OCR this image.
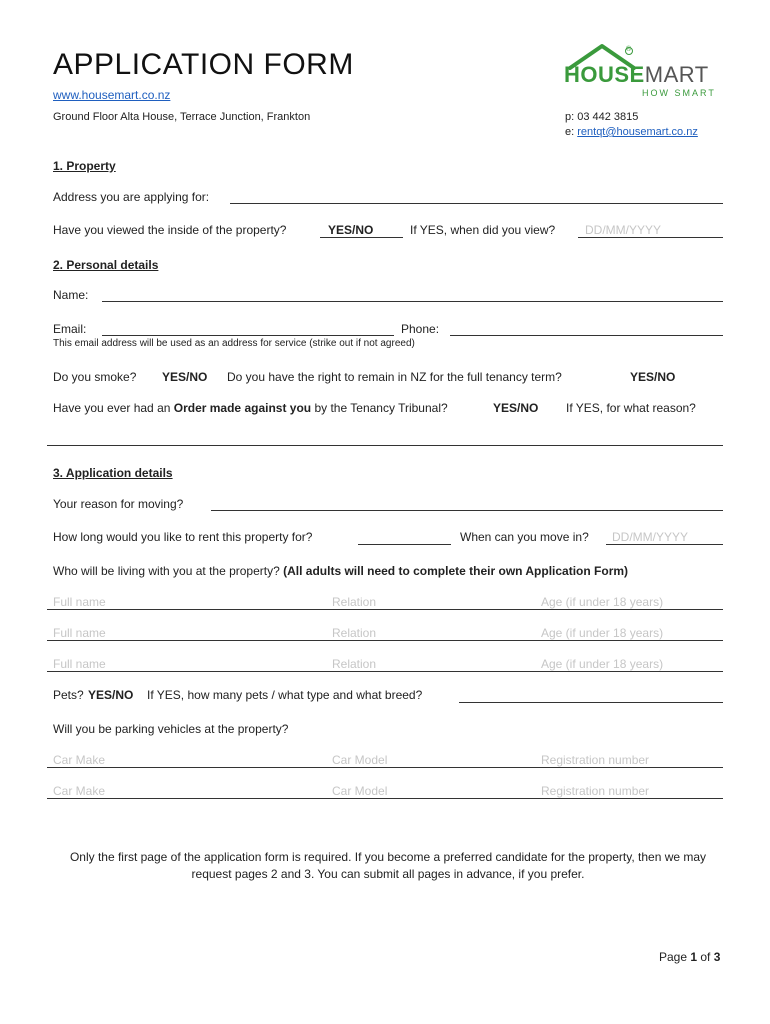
APPLICATION FORM
www.housemart.co.nz
Ground Floor Alta House, Terrace Junction, Frankton	p: 03 442 3815
e: rentqt@housemart.co.nz
HOUSEMART
®
HOW SMART
1. Property
Address you are applying for:
Have you viewed the inside of the property?	YES/NO	If YES, when did you view? DD/MM/YYYY
2. Personal details
Name:
Email:	Phone:
This email address will be used as an address for service (strike out if not agreed)
Do you smoke? YES/NO Do you have the right to remain in NZ for the full tenancy term?	YES/NO
Have you ever had an Order made against you by the Tenancy Tribunal?	YES/NO If YES, for what reason?
3. Application details
Your reason for moving?
How long would you like to rent this property for?	When can you move in? DD/MM/YYYY
Who will be living with you at the property? (All adults will need to complete their own Application Form)
Full name	Relation	Age (if under 18 years)
Full name	Relation	Age (if under 18 years)
Full name	Relation	Age (if under 18 years)
Pets? YES/NO If YES, how many pets / what type and what breed?
Will you be parking vehicles at the property?
Car Make	Car Model	Registration number
Car Make	Car Model	Registration number
Only the first page of the application form is required. If you become a preferred candidate for the property, then we may request pages 2 and 3. You can submit all pages in advance, if you prefer.
Page 1 of 3
